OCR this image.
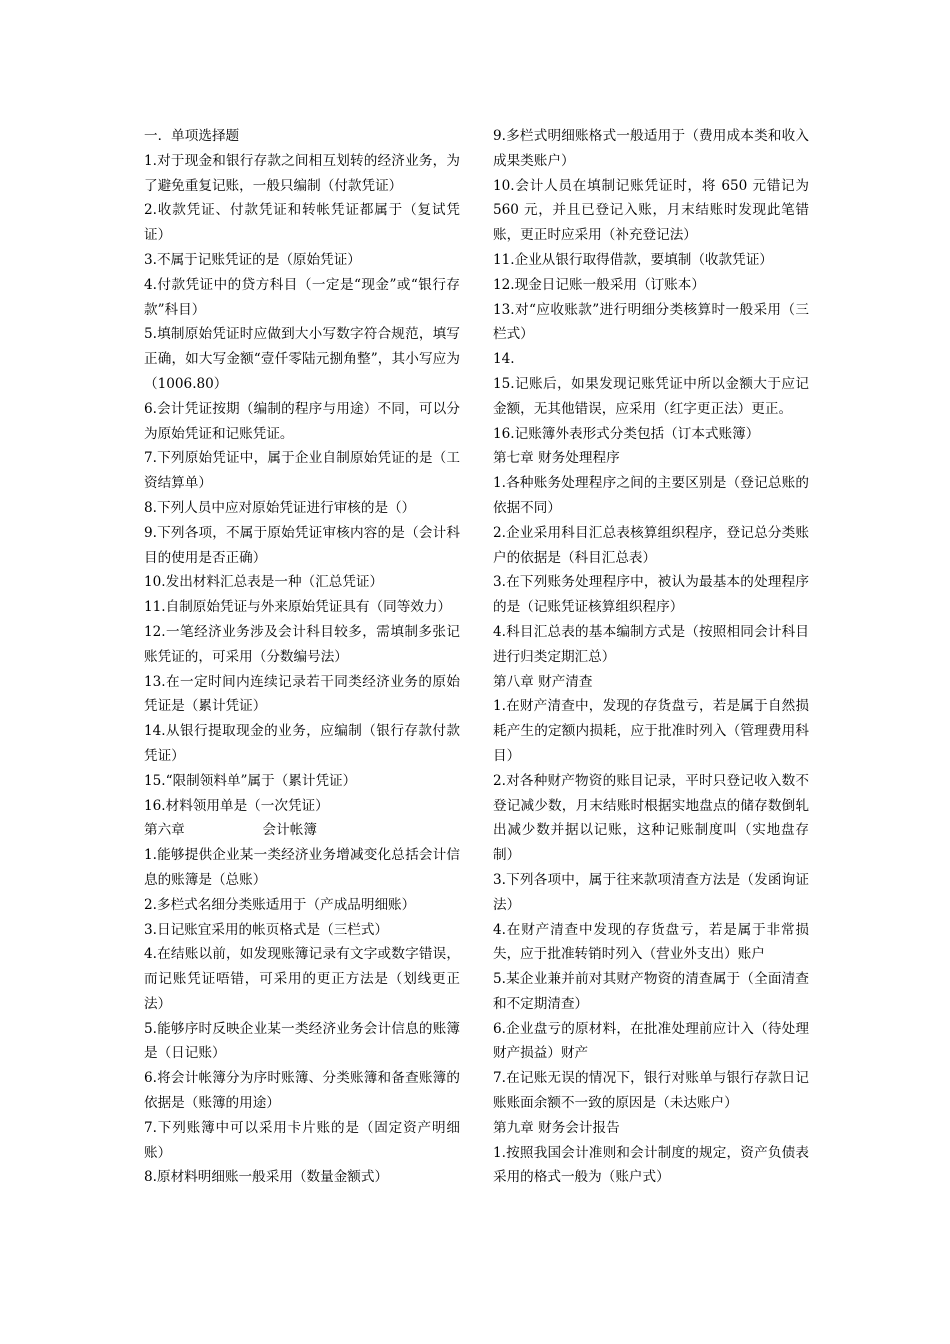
一．单项选择题

1.对于现金和银行存款之间相互划转的经济业务，为了避免重复记账，一般只编制（付款凭证）

2.收款凭证、付款凭证和转帐凭证都属于（复试凭证）

3.不属于记账凭证的是（原始凭证）

4.付款凭证中的贷方科目（一定是“现金”或“银行存款”科目）

5.填制原始凭证时应做到大小写数字符合规范，填写正确，如大写金额“壹仟零陆元捌角整”，其小写应为（1006.80）

6.会计凭证按期（编制的程序与用途）不同，可以分为原始凭证和记账凭证。

7.下列原始凭证中，属于企业自制原始凭证的是（工资结算单）

8.下列人员中应对原始凭证进行审核的是（）

9.下列各项，不属于原始凭证审核内容的是（会计科目的使用是否正确）

10.发出材料汇总表是一种（汇总凭证）

11.自制原始凭证与外来原始凭证具有（同等效力）

12.一笔经济业务涉及会计科目较多，需填制多张记账凭证的，可采用（分数编号法）

13.在一定时间内连续记录若干同类经济业务的原始凭证是（累计凭证）

14.从银行提取现金的业务，应编制（银行存款付款凭证）

15.“限制领料单”属于（累计凭证）

16.材料领用单是（一次凭证）

第六章                  会计帐簿

1.能够提供企业某一类经济业务增减变化总括会计信息的账簿是（总账）

2.多栏式名细分类账适用于（产成品明细账）

3.日记账宜采用的帐页格式是（三栏式）

4.在结账以前，如发现账簿记录有文字或数字错误，而记账凭证唔错，可采用的更正方法是（划线更正法）

5.能够序时反映企业某一类经济业务会计信息的账簿是（日记账）

6.将会计帐簿分为序时账簿、分类账簿和备查账簿的依据是（账簿的用途）

7.下列账簿中可以采用卡片账的是（固定资产明细账）

8.原材料明细账一般采用（数量金额式）

9.多栏式明细账格式一般适用于（费用成本类和收入成果类账户）

10.会计人员在填制记账凭证时，将 650 元错记为 560 元，并且已登记入账，月末结账时发现此笔错账，更正时应采用（补充登记法）

11.企业从银行取得借款，要填制（收款凭证）

12.现金日记账一般采用（订账本）

13.对“应收账款”进行明细分类核算时一般采用（三栏式）

14.

15.记账后，如果发现记账凭证中所以金额大于应记金额，无其他错误，应采用（红字更正法）更正。

16.记账簿外表形式分类包括（订本式账簿）

第七章 财务处理程序

1.各种账务处理程序之间的主要区别是（登记总账的依据不同）

2.企业采用科目汇总表核算组织程序，登记总分类账户的依据是（科目汇总表）

3.在下列账务处理程序中，被认为最基本的处理程序的是（记账凭证核算组织程序）

4.科目汇总表的基本编制方式是（按照相同会计科目进行归类定期汇总）

第八章 财产清查

1.在财产清查中，发现的存货盘亏，若是属于自然损耗产生的定额内损耗，应于批准时列入（管理费用科目）

2.对各种财产物资的账目记录，平时只登记收入数不登记减少数，月末结账时根据实地盘点的储存数倒轧出减少数并据以记账，这种记账制度叫（实地盘存制）

3.下列各项中，属于往来款项清查方法是（发函询证法）

4.在财产清查中发现的存货盘亏，若是属于非常损失，应于批准转销时列入（营业外支出）账户

5.某企业兼并前对其财产物资的清查属于（全面清查和不定期清查）

6.企业盘亏的原材料，在批准处理前应计入（待处理财产损益）财产

7.在记账无误的情况下，银行对账单与银行存款日记账账面余额不一致的原因是（未达账户）

第九章 财务会计报告

1.按照我国会计准则和会计制度的规定，资产负债表采用的格式一般为（账户式）
